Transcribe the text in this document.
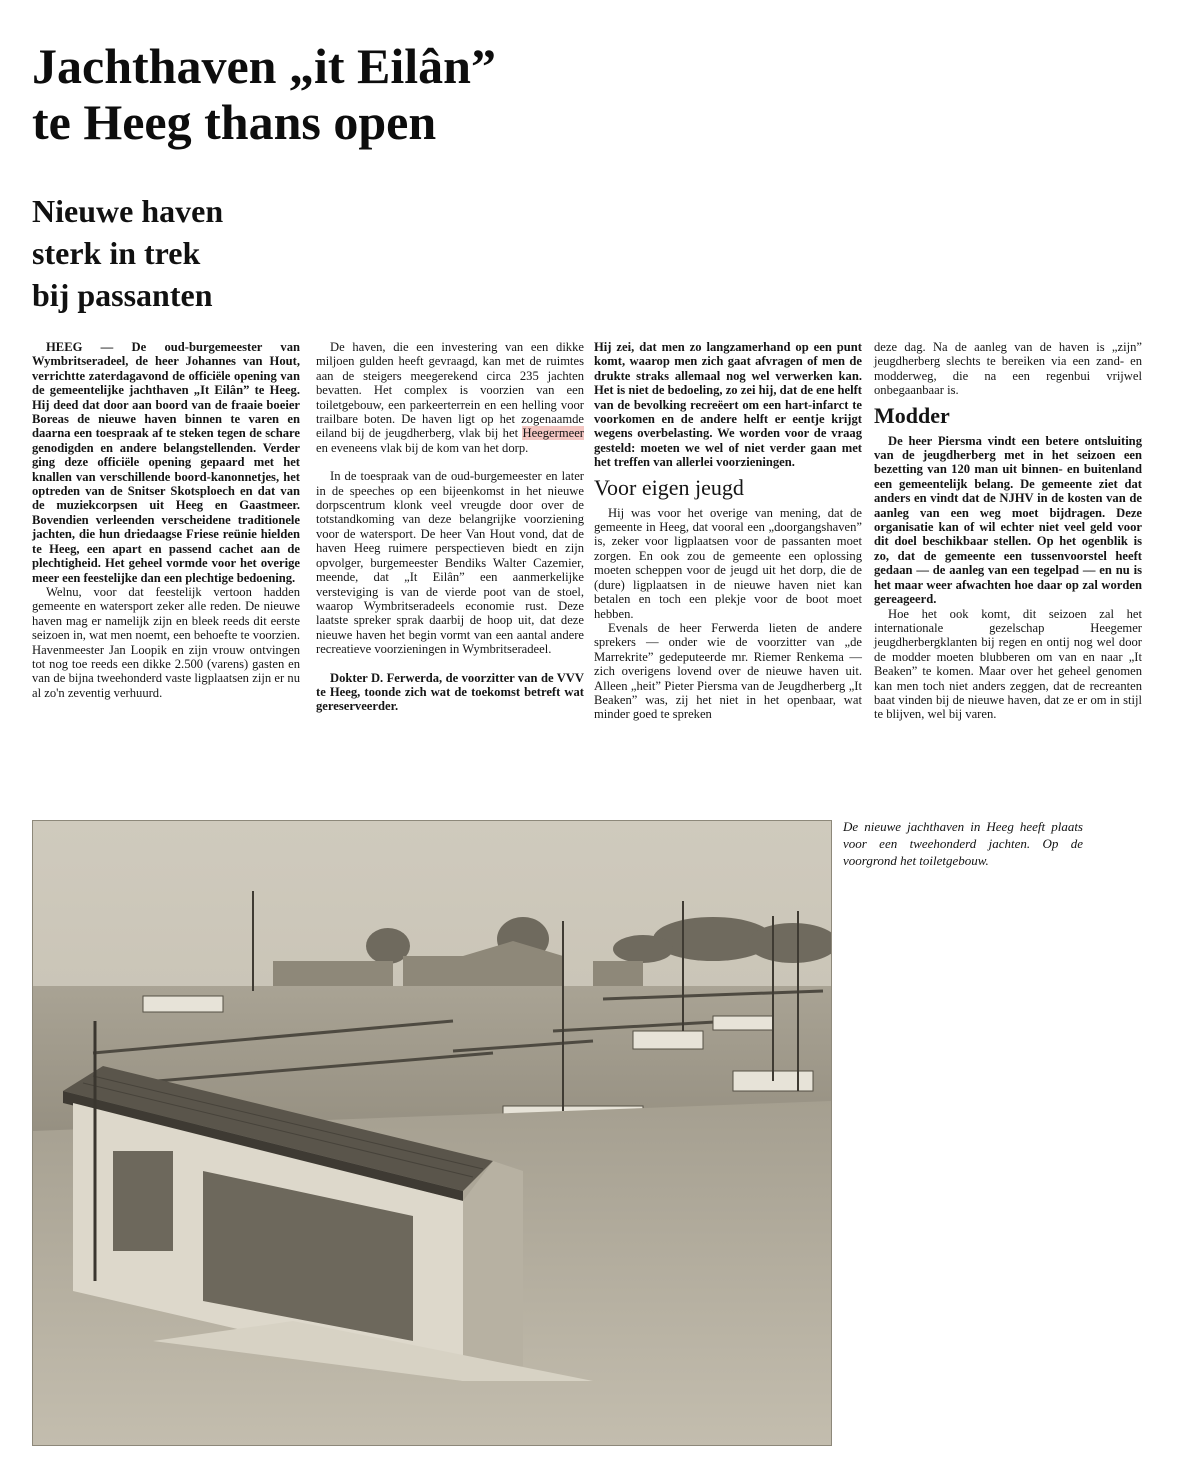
Jachthaven „it Eilân”
te Heeg thans open
Nieuwe haven
sterk in trek
bij passanten

HEEG — De oud-burgemeester van Wymbritseradeel, de heer Johannes van Hout, verrichtte zaterdagavond de officiële opening van de gemeentelijke jachthaven „It Eilân” te Heeg. Hij deed dat door aan boord van de fraaie boeier Boreas de nieuwe haven binnen te varen en daarna een toespraak af te steken tegen de schare genodigden en andere belangstellenden. Verder ging deze officiële opening gepaard met het knallen van verschillende boord-kanonnetjes, het optreden van de Snitser Skotsploech en dat van de muziekcorpsen uit Heeg en Gaastmeer. Bovendien verleenden verscheidene traditionele jachten, die hun driedaagse Friese reünie hielden te Heeg, een apart en passend cachet aan de plechtigheid. Het geheel vormde voor het overige meer een feestelijke dan een plechtige bedoening.

Welnu, voor dat feestelijk vertoon hadden gemeente en watersport zeker alle reden. De nieuwe haven mag er namelijk zijn en bleek reeds dit eerste seizoen in, wat men noemt, een behoefte te voorzien. Havenmeester Jan Loopik en zijn vrouw ontvingen tot nog toe reeds een dikke 2.500 (varens) gasten en van de bijna tweehonderd vaste ligplaatsen zijn er nu al zo'n zeventig verhuurd.

De haven, die een investering van een dikke miljoen gulden heeft gevraagd, kan met de ruimtes aan de steigers meegerekend circa 235 jachten bevatten. Het complex is voorzien van een toiletgebouw, een parkeerterrein en een helling voor trailbare boten. De haven ligt op het zogenaamde eiland bij de jeugdherberg, vlak bij het Heegermeer en eveneens vlak bij de kom van het dorp.

In de toespraak van de oud-burgemeester en later in de speeches op een bijeenkomst in het nieuwe dorpscentrum klonk veel vreugde door over de totstandkoming van deze belangrijke voorziening voor de watersport. De heer Van Hout vond, dat de haven Heeg ruimere perspectieven biedt en zijn opvolger, burgemeester Bendiks Walter Cazemier, meende, dat „It Eilân” een aanmerkelijke versteviging is van de vierde poot van de stoel, waarop Wymbritseradeels economie rust. Deze laatste spreker sprak daarbij de hoop uit, dat deze nieuwe haven het begin vormt van een aantal andere recreatieve voorzieningen in Wymbritseradeel.

Dokter D. Ferwerda, de voorzitter van de VVV te Heeg, toonde zich wat de toekomst betreft wat gereserveerder.

Hij zei, dat men zo langzamerhand op een punt komt, waarop men zich gaat afvragen of men de drukte straks allemaal nog wel verwerken kan. Het is niet de bedoeling, zo zei hij, dat de ene helft van de bevolking recreëert om een hart-infarct te voorkomen en de andere helft er eentje krijgt wegens overbelasting. We worden voor de vraag gesteld: moeten we wel of niet verder gaan met het treffen van allerlei voorzieningen.

Voor eigen jeugd

Hij was voor het overige van mening, dat de gemeente in Heeg, dat vooral een „doorgangshaven” is, zeker voor ligplaatsen voor de passanten moet zorgen. En ook zou de gemeente een oplossing moeten scheppen voor de jeugd uit het dorp, die de (dure) ligplaatsen in de nieuwe haven niet kan betalen en toch een plekje voor de boot moet hebben.

Evenals de heer Ferwerda lieten de andere sprekers — onder wie de voorzitter van „de Marrekrite” gedeputeerde mr. Riemer Renkema — zich overigens lovend over de nieuwe haven uit. Alleen „heit” Pieter Piersma van de Jeugdherberg „It Beaken” was, zij het niet in het openbaar, wat minder goed te spreken

deze dag. Na de aanleg van de haven is „zijn” jeugdherberg slechts te bereiken via een zand- en modderweg, die na een regenbui vrijwel onbegaanbaar is.

Modder

De heer Piersma vindt een betere ontsluiting van de jeugdherberg met in het seizoen een bezetting van 120 man uit binnen- en buitenland een gemeentelijk belang. De gemeente ziet dat anders en vindt dat de NJHV in de kosten van de aanleg van een weg moet bijdragen. Deze organisatie kan of wil echter niet veel geld voor dit doel beschikbaar stellen. Op het ogenblik is zo, dat de gemeente een tussenvoorstel heeft gedaan — de aanleg van een tegelpad — en nu is het maar weer afwachten hoe daar op zal worden gereageerd.

Hoe het ook komt, dit seizoen zal het internationale gezelschap Heegemer jeugdherbergklanten bij regen en ontij nog wel door de modder moeten blubberen om van en naar „It Beaken” te komen. Maar over het geheel genomen kan men toch niet anders zeggen, dat de recreanten baat vinden bij de nieuwe haven, dat ze er om in stijl te blijven, wel bij varen.

De nieuwe jachthaven in Heeg heeft plaats voor een tweehonderd jachten. Op de voorgrond het toiletgebouw.
